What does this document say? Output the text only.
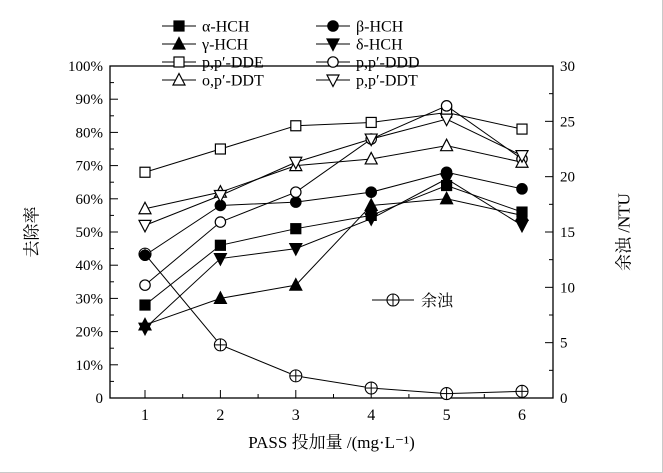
0
10%
20%
30%
40%
50%
60%
70%
80%
90%
100%
0
5
10
15
20
25
30
1	2	3	4	5	6
α-HCH	β-HCH
γ-HCH	δ-HCH
p,p′-DDE	p,p′-DDD
o,p′-DDT	p,p′-DDT
余浊
去除率	余浊 /NTU
PASS 投加量 /(mg·L⁻¹)
